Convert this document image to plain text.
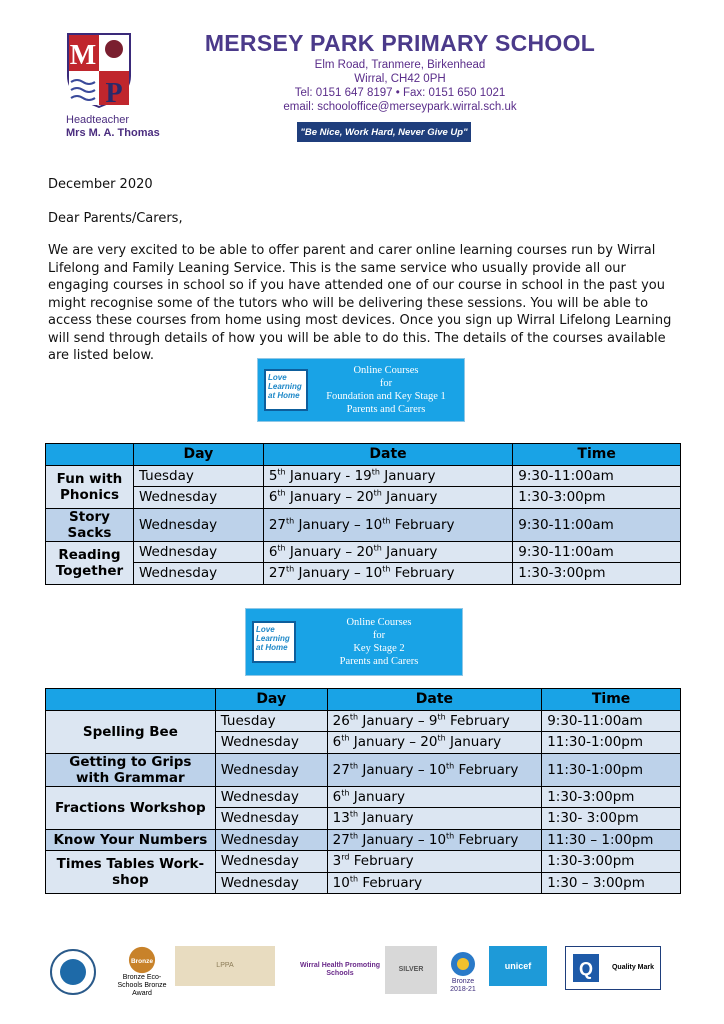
M
P
Headteacher
Mrs M. A. Thomas
MERSEY PARK PRIMARY SCHOOL
Elm Road, Tranmere, Birkenhead
Wirral, CH42 0PH
Tel: 0151 647 8197 • Fax: 0151 650 1021
email: schooloffice@merseypark.wirral.sch.uk
"Be Nice, Work Hard, Never Give Up"
December 2020
Dear Parents/Carers,
We are very excited to be able to offer parent and carer online learning courses run by Wirral Lifelong and Family Leaning Service. This is the same service who usually provide all our engaging courses in school so if you have attended one of our course in school in the past you might recognise some of the tutors who will be delivering these sessions. You will be able to access these courses from home using most devices. Once you sign up Wirral Lifelong Learning will send through details of how you will be able to do this. The details of the courses available are listed below.
Love Learning at Home
Online Courses
for
Foundation and Key Stage 1
Parents and Carers
	Day	Date	Time
Fun with Phonics	Tuesday	5th January - 19th January	9:30-11:00am
	Wednesday	6th January – 20th January	1:30-3:00pm
Story Sacks	Wednesday	27th January – 10th February	9:30-11:00am
Reading Together	Wednesday	6th January – 20th January	9:30-11:00am
	Wednesday	27th January – 10th February	1:30-3:00pm
Love Learning at Home
Online Courses
for
Key Stage 2
Parents and Carers
	Day	Date	Time
Spelling Bee	Tuesday	26th January – 9th February	9:30-11:00am
	Wednesday	6th January – 20th January	11:30-1:00pm
Getting to Grips with Grammar	Wednesday	27th January – 10th February	11:30-1:00pm
Fractions Workshop	Wednesday	6th January	1:30-3:00pm
	Wednesday	13th January	1:30- 3:00pm
Know Your Numbers	Wednesday	27th January – 10th February	11:30 – 1:00pm
Times Tables Work-shop	Wednesday	3rd February	1:30-3:00pm
	Wednesday	10th February	1:30 – 3:00pm
Bronze
Bronze Eco-Schools Bronze Award
LPPA	Wirral Health Promoting Schools
SILVER
Bronze 2018-21
unicef	Q	Quality Mark
